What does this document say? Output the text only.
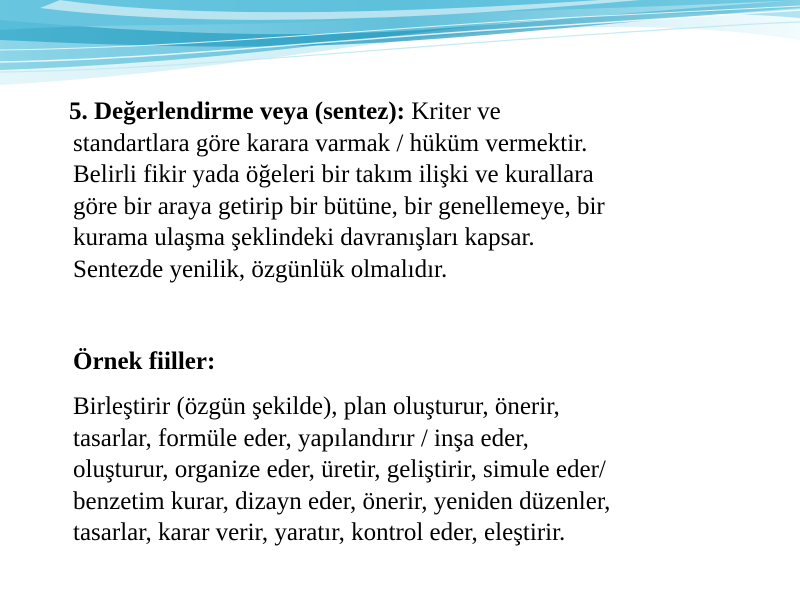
5. Değerlendirme veya (sentez): Kriter ve
standartlara göre karara varmak / hüküm vermektir.
Belirli fikir yada öğeleri bir takım ilişki ve kurallara
göre bir araya getirip bir bütüne, bir genellemeye, bir
kurama ulaşma şeklindeki davranışları kapsar.
Sentezde yenilik, özgünlük olmalıdır.

Örnek fiiller:

Birleştirir (özgün şekilde), plan oluşturur, önerir,
tasarlar, formüle eder, yapılandırır / inşa eder,
oluşturur, organize eder, üretir, geliştirir, simule eder/
benzetim kurar, dizayn eder, önerir, yeniden düzenler,
tasarlar, karar verir, yaratır, kontrol eder, eleştirir.
